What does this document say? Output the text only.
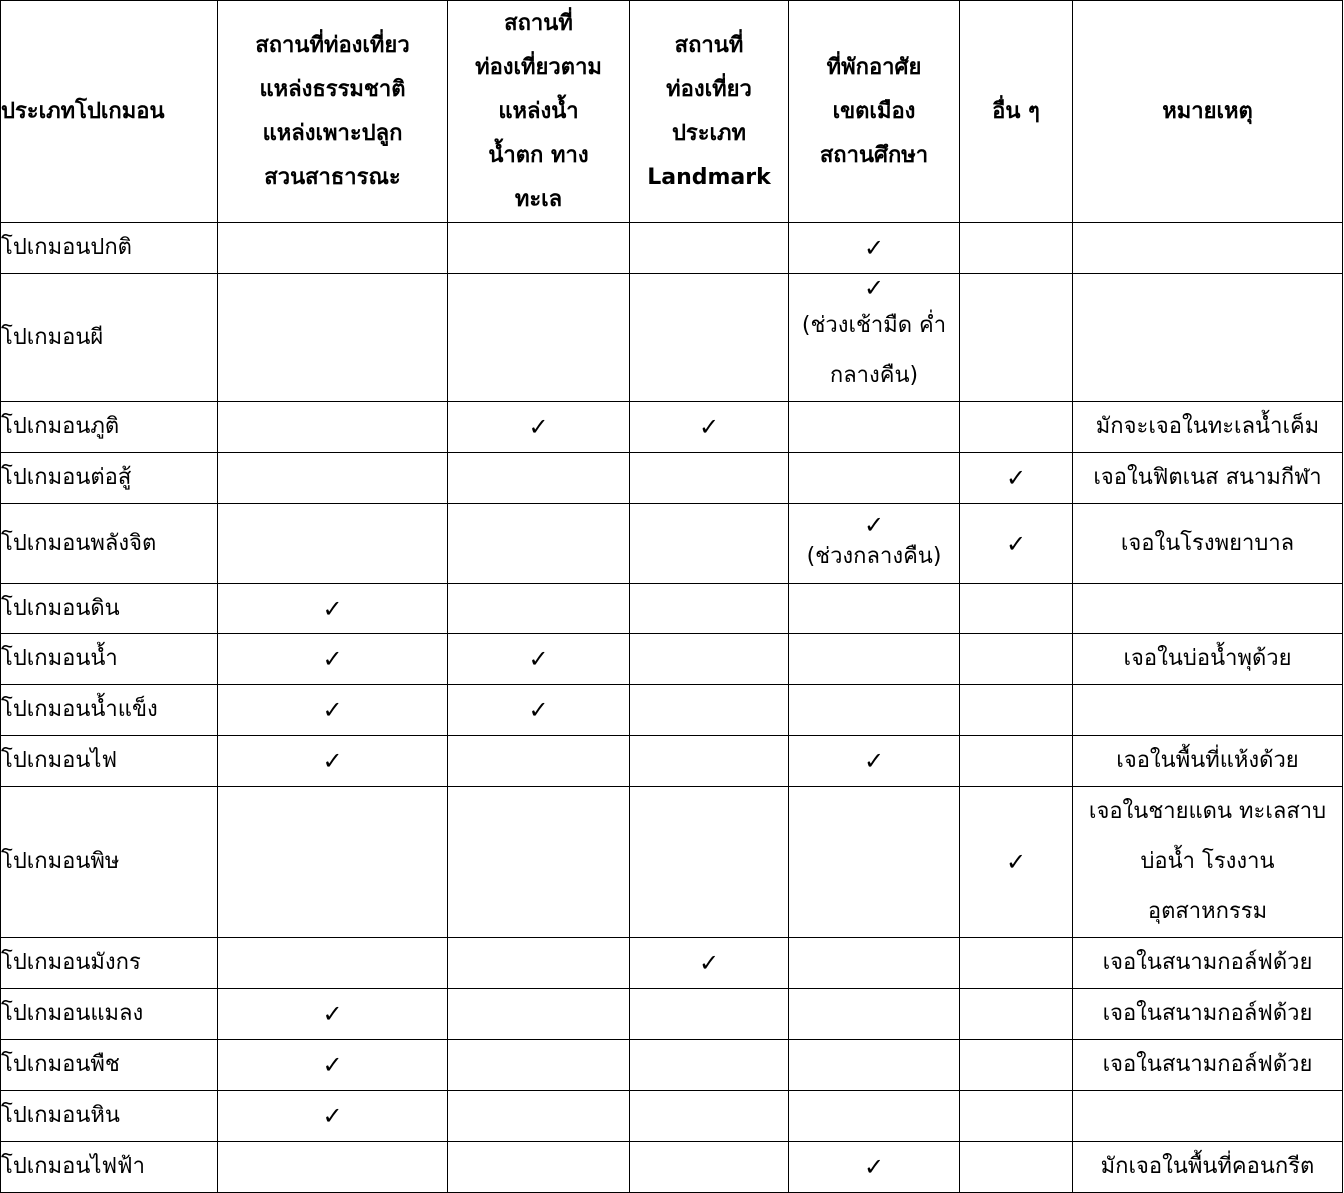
ประเภทโปเกมอน	สถานที่ท่องเที่ยว
แหล่งธรรมชาติ
แหล่งเพาะปลูก
สวนสาธารณะ	สถานที่
ท่องเที่ยวตาม
แหล่งน้ำ
น้ำตก ทาง
ทะเล	สถานที่
ท่องเที่ยว
ประเภท
Landmark	ที่พักอาศัย
เขตเมือง
สถานศึกษา	อื่น ๆ	หมายเหตุ
โปเกมอนปกติ				✓		

โปเกมอนผี				✓
(ช่วงเช้ามืด ค่ำ
กลางคืน)		

โปเกมอนภูติ		✓	✓			มักจะเจอในทะเลน้ำเค็ม
โปเกมอนต่อสู้					✓	เจอในฟิตเนส สนามกีฬา
โปเกมอนพลังจิต				✓
(ช่วงกลางคืน)	✓	เจอในโรงพยาบาล
โปเกมอนดิน	✓					

โปเกมอนน้ำ	✓	✓				เจอในบ่อน้ำพุด้วย
โปเกมอนน้ำแข็ง	✓	✓				

โปเกมอนไฟ	✓			✓		เจอในพื้นที่แห้งด้วย
โปเกมอนพิษ					✓	เจอในชายแดน ทะเลสาบ
บ่อน้ำ โรงงาน
อุตสาหกรรม
โปเกมอนมังกร			✓			เจอในสนามกอล์ฟด้วย
โปเกมอนแมลง	✓					เจอในสนามกอล์ฟด้วย
โปเกมอนพืช	✓					เจอในสนามกอล์ฟด้วย
โปเกมอนหิน	✓					

โปเกมอนไฟฟ้า				✓		มักเจอในพื้นที่คอนกรีต
